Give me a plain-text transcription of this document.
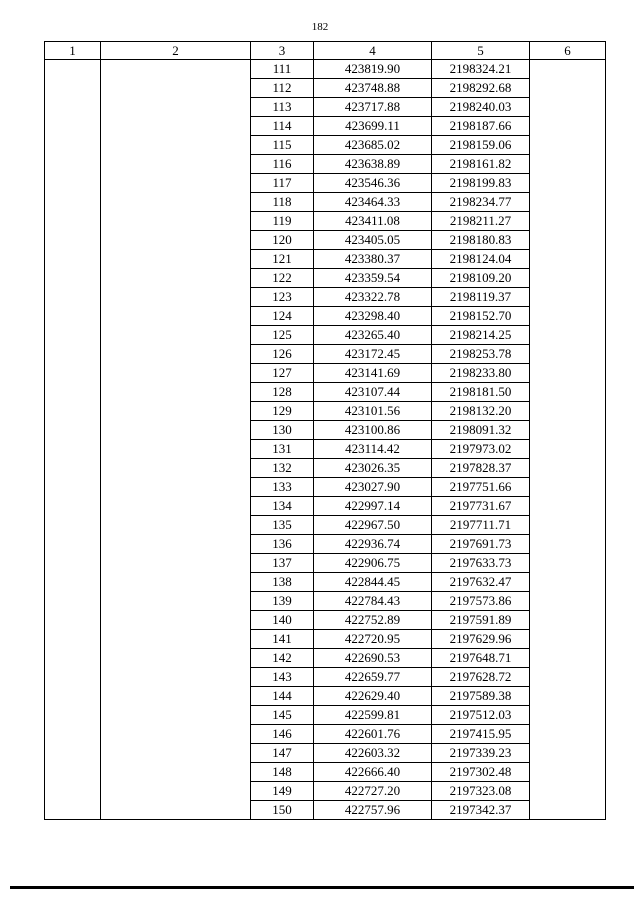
182
1	2	3	4	5	6
		111	423819.90	2198324.21	
		112	423748.88	2198292.68	
		113	423717.88	2198240.03	
		114	423699.11	2198187.66	
		115	423685.02	2198159.06	
		116	423638.89	2198161.82	
		117	423546.36	2198199.83	
		118	423464.33	2198234.77	
		119	423411.08	2198211.27	
		120	423405.05	2198180.83	
		121	423380.37	2198124.04	
		122	423359.54	2198109.20	
		123	423322.78	2198119.37	
		124	423298.40	2198152.70	
		125	423265.40	2198214.25	
		126	423172.45	2198253.78	
		127	423141.69	2198233.80	
		128	423107.44	2198181.50	
		129	423101.56	2198132.20	
		130	423100.86	2198091.32	
		131	423114.42	2197973.02	
		132	423026.35	2197828.37	
		133	423027.90	2197751.66	
		134	422997.14	2197731.67	
		135	422967.50	2197711.71	
		136	422936.74	2197691.73	
		137	422906.75	2197633.73	
		138	422844.45	2197632.47	
		139	422784.43	2197573.86	
		140	422752.89	2197591.89	
		141	422720.95	2197629.96	
		142	422690.53	2197648.71	
		143	422659.77	2197628.72	
		144	422629.40	2197589.38	
		145	422599.81	2197512.03	
		146	422601.76	2197415.95	
		147	422603.32	2197339.23	
		148	422666.40	2197302.48	
		149	422727.20	2197323.08	
		150	422757.96	2197342.37	
